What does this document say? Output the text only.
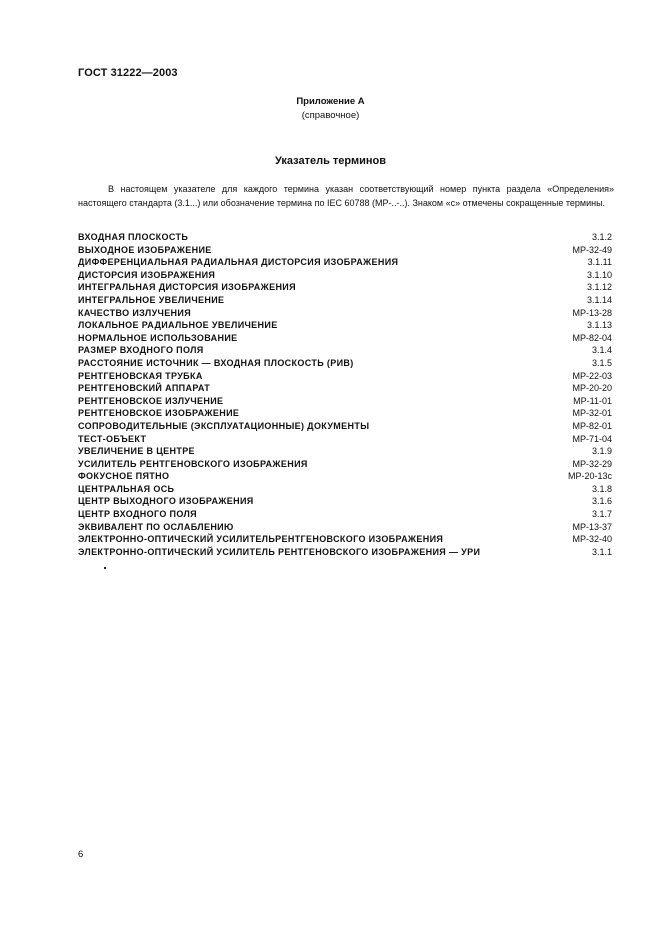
ГОСТ 31222—2003
Приложение А
(справочное)
Указатель терминов

В настоящем указателе для каждого термина указан соответствующий номер пункта раздела «Определения» настоящего стандарта (3.1...) или обозначение термина по IEC 60788 (MP-..-..). Знаком «с» отмечены сокращенные термины.

ВХОДНАЯ ПЛОСКОСТЬ	3.1.2
ВЫХОДНОЕ ИЗОБРАЖЕНИЕ	MP-32-49
ДИФФЕРЕНЦИАЛЬНАЯ РАДИАЛЬНАЯ ДИСТОРСИЯ ИЗОБРАЖЕНИЯ	3.1.11
ДИСТОРСИЯ ИЗОБРАЖЕНИЯ	3.1.10
ИНТЕГРАЛЬНАЯ ДИСТОРСИЯ ИЗОБРАЖЕНИЯ	3.1.12
ИНТЕГРАЛЬНОЕ УВЕЛИЧЕНИЕ	3.1.14
КАЧЕСТВО ИЗЛУЧЕНИЯ	MP-13-28
ЛОКАЛЬНОЕ РАДИАЛЬНОЕ УВЕЛИЧЕНИЕ	3.1.13
НОРМАЛЬНОЕ ИСПОЛЬЗОВАНИЕ	MP-82-04
РАЗМЕР ВХОДНОГО ПОЛЯ	3.1.4
РАССТОЯНИЕ ИСТОЧНИК — ВХОДНАЯ ПЛОСКОСТЬ (РИВ)	3.1.5
РЕНТГЕНОВСКАЯ ТРУБКА	MP-22-03
РЕНТГЕНОВСКИЙ АППАРАТ	MP-20-20
РЕНТГЕНОВСКОЕ ИЗЛУЧЕНИЕ	MP-11-01
РЕНТГЕНОВСКОЕ ИЗОБРАЖЕНИЕ	MP-32-01
СОПРОВОДИТЕЛЬНЫЕ (ЭКСПЛУАТАЦИОННЫЕ) ДОКУМЕНТЫ	MP-82-01
ТЕСТ-ОБЪЕКТ	MP-71-04
УВЕЛИЧЕНИЕ В ЦЕНТРЕ	3.1.9
УСИЛИТЕЛЬ РЕНТГЕНОВСКОГО ИЗОБРАЖЕНИЯ	MP-32-29
ФОКУСНОЕ ПЯТНО	MP-20-13c
ЦЕНТРАЛЬНАЯ ОСЬ	3.1.8
ЦЕНТР ВЫХОДНОГО ИЗОБРАЖЕНИЯ	3.1.6
ЦЕНТР ВХОДНОГО ПОЛЯ	3.1.7
ЭКВИВАЛЕНТ ПО ОСЛАБЛЕНИЮ	MP-13-37
ЭЛЕКТРОННО-ОПТИЧЕСКИЙ УСИЛИТЕЛЬРЕНТГЕНОВСКОГО ИЗОБРАЖЕНИЯ	MP-32-40
ЭЛЕКТРОННО-ОПТИЧЕСКИЙ УСИЛИТЕЛЬ РЕНТГЕНОВСКОГО ИЗОБРАЖЕНИЯ — УРИ	3.1.1
6
